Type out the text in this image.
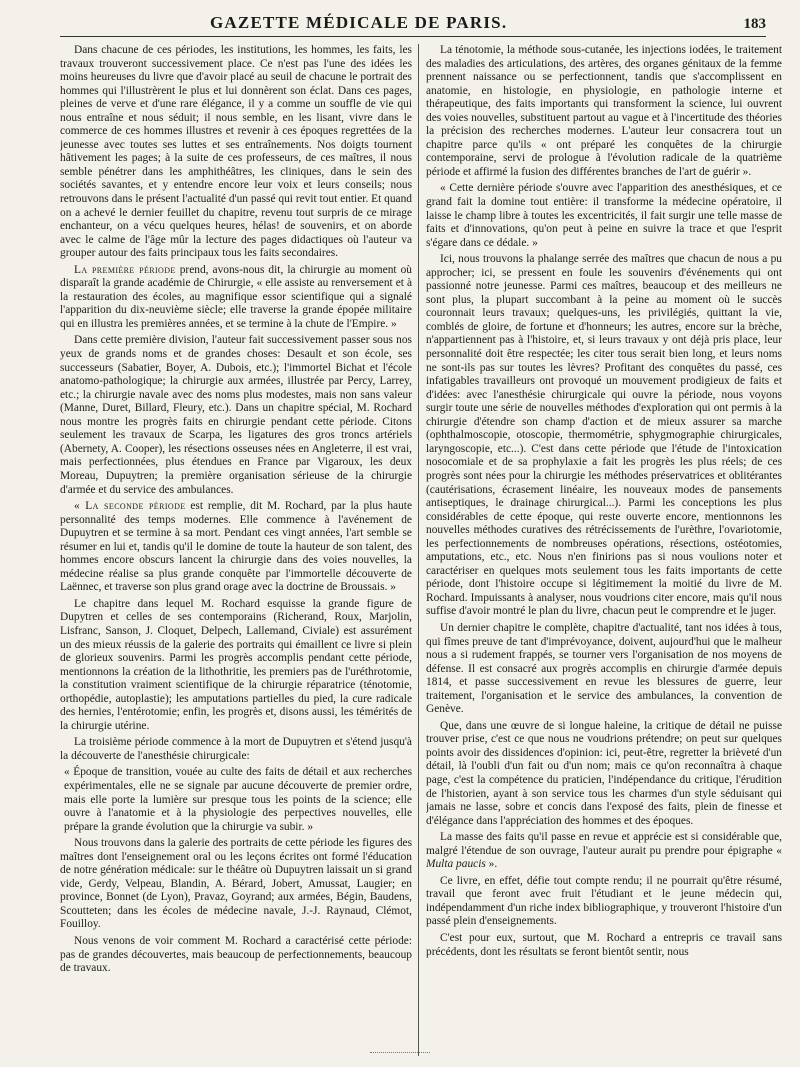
GAZETTE MÉDICALE DE PARIS.	183

Dans chacune de ces périodes, les institutions, les hommes, les faits, les travaux trouveront successivement place. Ce n'est pas l'une des idées les moins heureuses du livre que d'avoir placé au seuil de chacune le portrait des hommes qui l'illustrèrent le plus et lui donnèrent son éclat. Dans ces pages, pleines de verve et d'une rare élégance, il y a comme un souffle de vie qui nous entraîne et nous séduit; il nous semble, en les lisant, vivre dans le commerce de ces hommes illustres et revenir à ces époques regrettées de la jeunesse avec toutes ses luttes et ses entraînements. Nos doigts tournent hâtivement les pages; à la suite de ces professeurs, de ces maîtres, il nous semble pénétrer dans les amphithéâtres, les cliniques, dans le sein des sociétés savantes, et y entendre encore leur voix et leurs conseils; nous retrouvons dans le présent l'actualité d'un passé qui revit tout entier. Et quand on a achevé le dernier feuillet du chapitre, revenu tout surpris de ce mirage enchanteur, on a vécu quelques heures, hélas! de souvenirs, et on aborde avec le calme de l'âge mûr la lecture des pages didactiques où l'auteur va grouper autour des faits principaux tous les faits secondaires.

La première période prend, avons-nous dit, la chirurgie au moment où disparaît la grande académie de Chirurgie, « elle assiste au renversement et à la restauration des écoles, au magnifique essor scientifique qui a signalé l'apparition du dix-neuvième siècle; elle traverse la grande épopée militaire qui en illustra les premières années, et se termine à la chute de l'Empire. »

Dans cette première division, l'auteur fait successivement passer sous nos yeux de grands noms et de grandes choses: Desault et son école, ses successeurs (Sabatier, Boyer, A. Dubois, etc.); l'immortel Bichat et l'école anatomo-pathologique; la chirurgie aux armées, illustrée par Percy, Larrey, etc.; la chirurgie navale avec des noms plus modestes, mais non sans valeur (Manne, Duret, Billard, Fleury, etc.). Dans un chapitre spécial, M. Rochard nous montre les progrès faits en chirurgie pendant cette période. Citons seulement les travaux de Scarpa, les ligatures des gros troncs artériels (Abernety, A. Cooper), les résections osseuses nées en Angleterre, il est vrai, mais perfectionnées, plus étendues en France par Vigaroux, les deux Moreau, Dupuytren; la première organisation sérieuse de la chirurgie d'armée et du service des ambulances.

« La seconde période est remplie, dit M. Rochard, par la plus haute personnalité des temps modernes. Elle commence à l'avénement de Dupuytren et se termine à sa mort. Pendant ces vingt années, l'art semble se résumer en lui et, tandis qu'il le domine de toute la hauteur de son talent, des hommes encore obscurs lancent la chirurgie dans des voies nouvelles, la médecine réalise sa plus grande conquête par l'immortelle découverte de Laënnec, et traverse son plus grand orage avec la doctrine de Broussais. »

Le chapitre dans lequel M. Rochard esquisse la grande figure de Dupytren et celles de ses contemporains (Richerand, Roux, Marjolin, Lisfranc, Sanson, J. Cloquet, Delpech, Lallemand, Civiale) est assurément un des mieux réussis de la galerie des portraits qui émaillent ce livre si plein de glorieux souvenirs. Parmi les progrès accomplis pendant cette période, mentionnons la création de la lithothritie, les premiers pas de l'uréthrotomie, la constitution vraiment scientifique de la chirurgie réparatrice (ténotomie, orthopédie, autoplastie); les amputations partielles du pied, la cure radicale des hernies, l'entérotomie; enfin, les progrès et, disons aussi, les témérités de la chirurgie utérine.

La troisième période commence à la mort de Dupuytren et s'étend jusqu'à la découverte de l'anesthésie chirurgicale:

« Époque de transition, vouée au culte des faits de détail et aux recherches expérimentales, elle ne se signale par aucune découverte de premier ordre, mais elle porte la lumière sur presque tous les points de la science; elle ouvre à l'anatomie et à la physiologie des perpectives nouvelles, elle prépare la grande évolution que la chirurgie va subir. »

Nous trouvons dans la galerie des portraits de cette période les figures des maîtres dont l'enseignement oral ou les leçons écrites ont formé l'éducation de notre génération médicale: sur le théâtre où Dupuytren laissait un si grand vide, Gerdy, Velpeau, Blandin, A. Bérard, Jobert, Amussat, Laugier; en province, Bonnet (de Lyon), Pravaz, Goyrand; aux armées, Bégin, Baudens, Scoutteten; dans les écoles de médecine navale, J.-J. Raynaud, Clémot, Fouilloy.

Nous venons de voir comment M. Rochard a caractérisé cette période: pas de grandes découvertes, mais beaucoup de perfectionnements, beaucoup de travaux.

La ténotomie, la méthode sous-cutanée, les injections iodées, le traitement des maladies des articulations, des artères, des organes génitaux de la femme prennent naissance ou se perfectionnent, tandis que s'accomplissent en anatomie, en histologie, en physiologie, en pathologie interne et thérapeutique, des faits importants qui transforment la science, lui ouvrent des voies nouvelles, substituent partout au vague et à l'incertitude des théories la précision des recherches modernes. L'auteur leur consacrera tout un chapitre parce qu'ils « ont préparé les conquêtes de la chirurgie contemporaine, servi de prologue à l'évolution radicale de la quatrième période et affirmé la fusion des différentes branches de l'art de guérir ».

« Cette dernière période s'ouvre avec l'apparition des anesthésiques, et ce grand fait la domine tout entière: il transforme la médecine opératoire, il laisse le champ libre à toutes les excentricités, il fait surgir une telle masse de faits et d'innovations, qu'on peut à peine en suivre la trace et que l'esprit s'égare dans ce dédale. »

Ici, nous trouvons la phalange serrée des maîtres que chacun de nous a pu approcher; ici, se pressent en foule les souvenirs d'événements qui ont passionné notre jeunesse. Parmi ces maîtres, beaucoup et des meilleurs ne sont plus, la plupart succombant à la peine au moment où le succès couronnait leurs travaux; quelques-uns, les privilégiés, quittant la vie, comblés de gloire, de fortune et d'honneurs; les autres, encore sur la brèche, n'appartiennent pas à l'histoire, et, si leurs travaux y ont déjà pris place, leur personnalité doit être respectée; les citer tous serait bien long, et leurs noms ne sont-ils pas sur toutes les lèvres? Profitant des conquêtes du passé, ces infatigables travailleurs ont provoqué un mouvement prodigieux de faits et d'idées: avec l'anesthésie chirurgicale qui ouvre la période, nous voyons surgir toute une série de nouvelles méthodes d'exploration qui ont permis à la chirurgie d'étendre son champ d'action et de mieux assurer sa marche (ophthalmoscopie, otoscopie, thermométrie, sphygmographie chirurgicales, laryngoscopie, etc...). C'est dans cette période que l'étude de l'intoxication nosocomiale et de sa prophylaxie a fait les progrès les plus réels; de ces progrès sont nées pour la chirurgie les méthodes préservatrices et oblitérantes (cautérisations, écrasement linéaire, les nouveaux modes de pansements antiseptiques, le drainage chirurgical...). Parmi les conceptions les plus considérables de cette époque, qui reste ouverte encore, mentionnons les nouvelles méthodes curatives des rétrécissements de l'urèthre, l'ovariotomie, les perfectionnements de nombreuses opérations, résections, ostéotomies, amputations, etc., etc. Nous n'en finirions pas si nous voulions noter et caractériser en quelques mots seulement tous les faits importants de cette période, dont l'histoire occupe si légitimement la moitié du livre de M. Rochard. Impuissants à analyser, nous voudrions citer encore, mais qu'il nous suffise d'avoir montré le plan du livre, chacun peut le comprendre et le juger.

Un dernier chapitre le complète, chapitre d'actualité, tant nos idées à tous, qui fîmes preuve de tant d'imprévoyance, doivent, aujourd'hui que le malheur nous a si rudement frappés, se tourner vers l'organisation de nos moyens de défense. Il est consacré aux progrès accomplis en chirurgie d'armée depuis 1814, et passe successivement en revue les blessures de guerre, leur traitement, l'organisation et le service des ambulances, la convention de Genève.

Que, dans une œuvre de si longue haleine, la critique de détail ne puisse trouver prise, c'est ce que nous ne voudrions prétendre; on peut sur quelques points avoir des dissidences d'opinion: ici, peut-être, regretter la brièveté d'un détail, là l'oubli d'un fait ou d'un nom; mais ce qu'on reconnaîtra à chaque page, c'est la compétence du praticien, l'indépendance du critique, l'érudition de l'historien, ayant à son service tous les charmes d'un style séduisant qui jamais ne lasse, sobre et concis dans l'exposé des faits, plein de finesse et d'élégance dans l'appréciation des hommes et des époques.

La masse des faits qu'il passe en revue et apprécie est si considérable que, malgré l'étendue de son ouvrage, l'auteur aurait pu prendre pour épigraphe « Multa paucis ».

Ce livre, en effet, défie tout compte rendu; il ne pourrait qu'être résumé, travail que feront avec fruit l'étudiant et le jeune médecin qui, indépendamment d'un riche index bibliographique, y trouveront l'histoire d'un passé plein d'enseignements.

C'est pour eux, surtout, que M. Rochard a entrepris ce travail sans précédents, dont les résultats se feront bientôt sentir, nous
